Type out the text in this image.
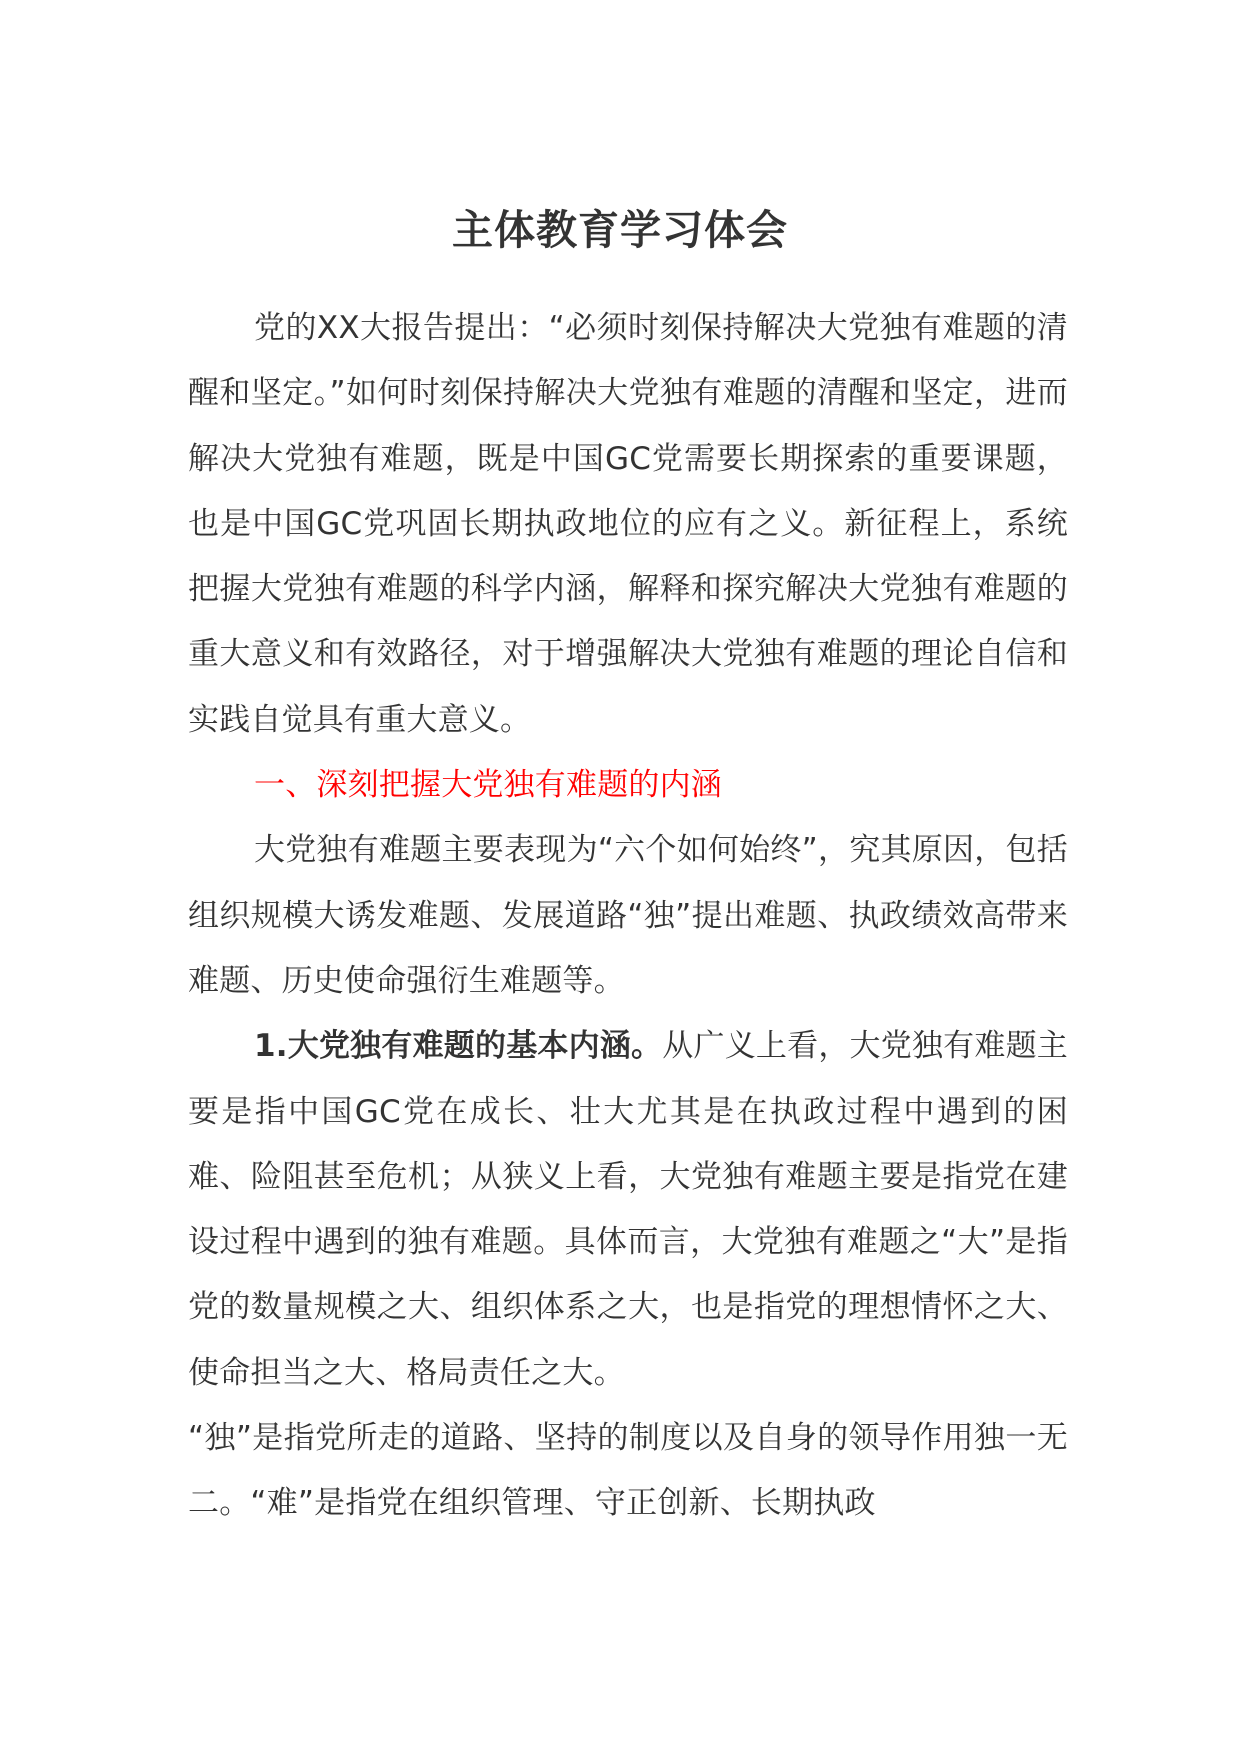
主体教育学习体会

党的XX大报告提出：“必须时刻保持解决大党独有难题的清醒和坚定。”如何时刻保持解决大党独有难题的清醒和坚定，进而解决大党独有难题，既是中国GC党需要长期探索的重要课题，也是中国GC党巩固长期执政地位的应有之义。新征程上，系统把握大党独有难题的科学内涵，解释和探究解决大党独有难题的重大意义和有效路径，对于增强解决大党独有难题的理论自信和实践自觉具有重大意义。

一、深刻把握大党独有难题的内涵

大党独有难题主要表现为“六个如何始终”，究其原因，包括组织规模大诱发难题、发展道路“独”提出难题、执政绩效高带来难题、历史使命强衍生难题等。

1.大党独有难题的基本内涵。从广义上看，大党独有难题主要是指中国GC党在成长、壮大尤其是在执政过程中遇到的困难、险阻甚至危机；从狭义上看，大党独有难题主要是指党在建设过程中遇到的独有难题。具体而言，大党独有难题之“大”是指党的数量规模之大、组织体系之大，也是指党的理想情怀之大、使命担当之大、格局责任之大。

“独”是指党所走的道路、坚持的制度以及自身的领导作用独一无二。“难”是指党在组织管理、守正创新、长期执政
